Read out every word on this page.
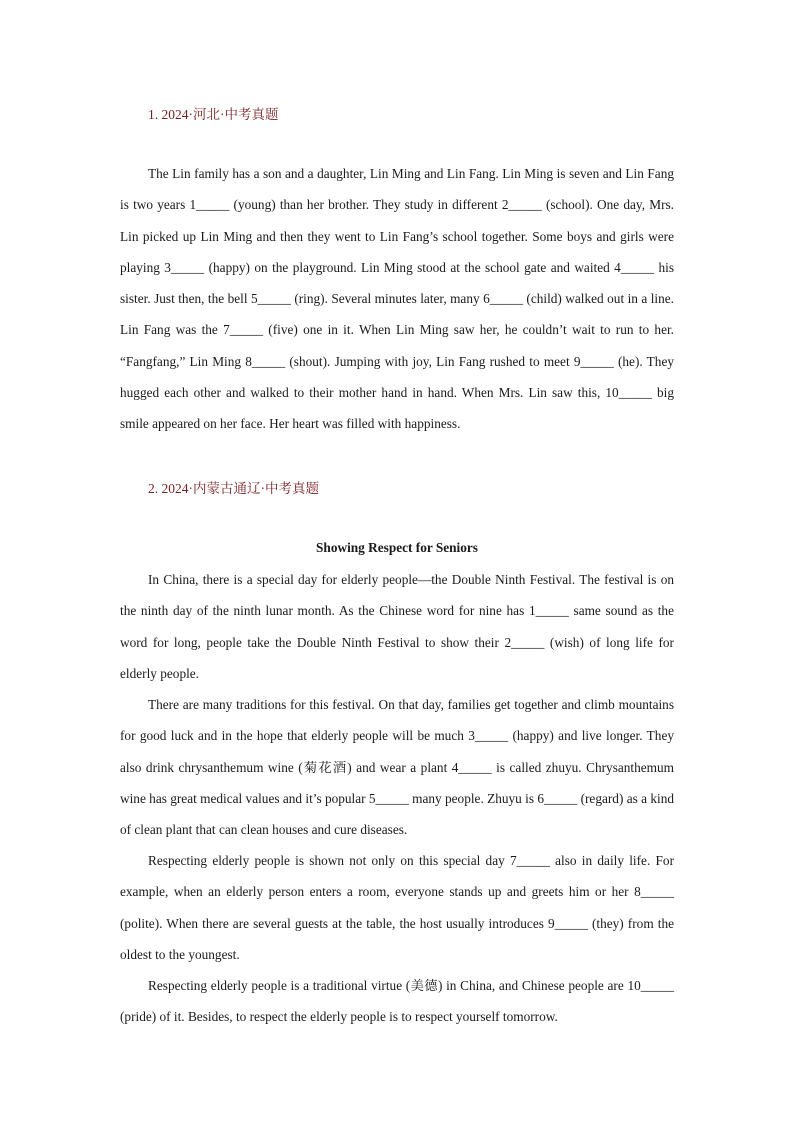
1. 2024·河北·中考真题

The Lin family has a son and a daughter, Lin Ming and Lin Fang. Lin Ming is seven and Lin Fang is two years 1_____ (young) than her brother. They study in different 2_____ (school). One day, Mrs. Lin picked up Lin Ming and then they went to Lin Fang’s school together. Some boys and girls were playing 3_____ (happy) on the playground. Lin Ming stood at the school gate and waited 4_____ his sister. Just then, the bell 5_____ (ring). Several minutes later, many 6_____ (child) walked out in a line. Lin Fang was the 7_____ (five) one in it. When Lin Ming saw her, he couldn’t wait to run to her. “Fangfang,” Lin Ming 8_____ (shout). Jumping with joy, Lin Fang rushed to meet 9_____ (he). They hugged each other and walked to their mother hand in hand. When Mrs. Lin saw this, 10_____ big smile appeared on her face. Her heart was filled with happiness.

2. 2024·内蒙古通辽·中考真题
Showing Respect for Seniors

In China, there is a special day for elderly people—the Double Ninth Festival. The festival is on the ninth day of the ninth lunar month. As the Chinese word for nine has 1_____ same sound as the word for long, people take the Double Ninth Festival to show their 2_____ (wish) of long life for elderly people.

There are many traditions for this festival. On that day, families get together and climb mountains for good luck and in the hope that elderly people will be much 3_____ (happy) and live longer. They also drink chrysanthemum wine (菊花酒) and wear a plant 4_____ is called zhuyu. Chrysanthemum wine has great medical values and it’s popular 5_____ many people. Zhuyu is 6_____ (regard) as a kind of clean plant that can clean houses and cure diseases.

Respecting elderly people is shown not only on this special day 7_____ also in daily life. For example, when an elderly person enters a room, everyone stands up and greets him or her 8_____ (polite). When there are several guests at the table, the host usually introduces 9_____ (they) from the oldest to the youngest.

Respecting elderly people is a traditional virtue (美德) in China, and Chinese people are 10_____ (pride) of it. Besides, to respect the elderly people is to respect yourself tomorrow.
